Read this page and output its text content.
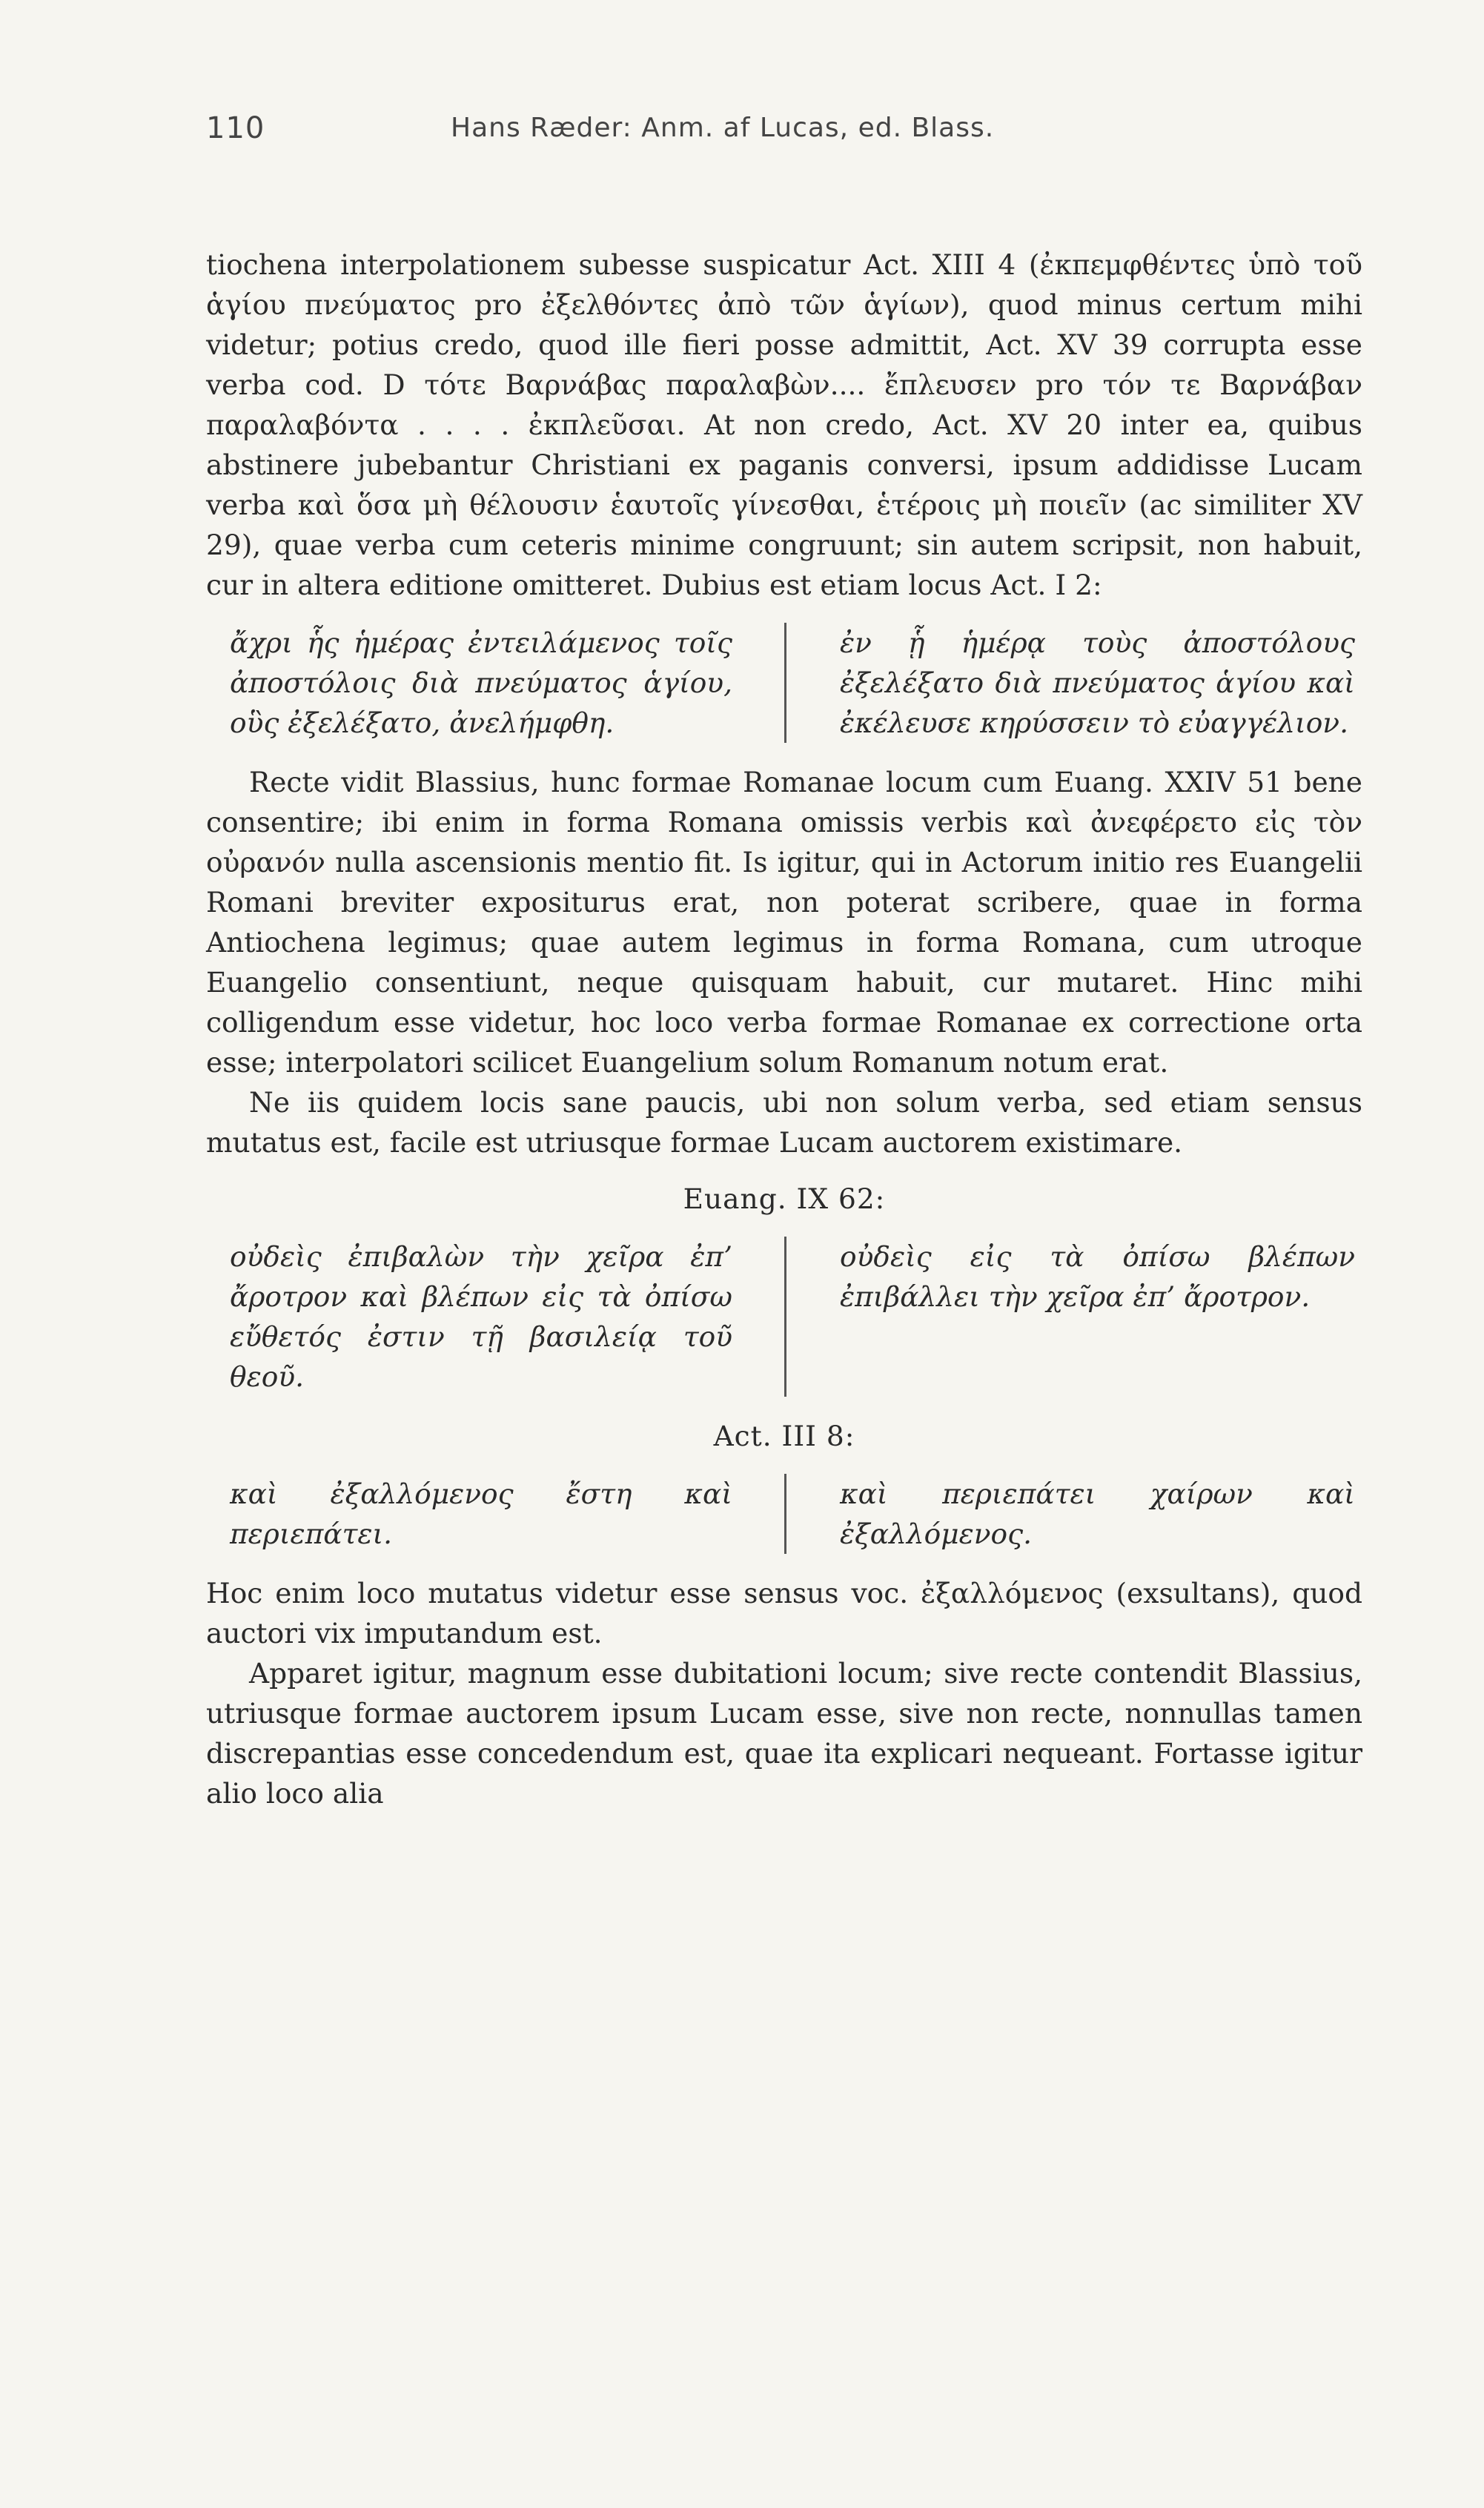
110	Hans Ræder: Anm. af Lucas, ed. Blass.

tiochena interpolationem subesse suspicatur Act. XIII 4 (ἐκπεμφθέντες ὑπὸ τοῦ ἁγίου πνεύματος pro ἐξελθόντες ἀπὸ τῶν ἁγίων), quod minus certum mihi videtur; potius credo, quod ille fieri posse admittit, Act. XV 39 corrupta esse verba cod. D τότε Βαρνάβας παραλαβὼν.... ἔπλευσεν pro τόν τε Βαρνάβαν παραλαβόντα . . . . ἐκπλεῦσαι. At non credo, Act. XV 20 inter ea, quibus abstinere jubebantur Christiani ex paganis conversi, ipsum addidisse Lucam verba καὶ ὅσα μὴ θέλουσιν ἑαυτοῖς γίνεσθαι, ἑτέροις μὴ ποιεῖν (ac similiter XV 29), quae verba cum ceteris minime congruunt; sin autem scripsit, non habuit, cur in altera editione omitteret. Dubius est etiam locus Act. I 2:

ἄχρι ἧς ἡμέρας ἐντειλάμενος τοῖς ἀποστόλοις διὰ πνεύματος ἁγίου, οὓς ἐξελέξατο, ἀνελήμφθη.
ἐν ᾗ ἡμέρᾳ τοὺς ἀποστόλους ἐξελέξατο διὰ πνεύματος ἁγίου καὶ ἐκέλευσε κηρύσσειν τὸ εὐαγγέλιον.

Recte vidit Blassius, hunc formae Romanae locum cum Euang. XXIV 51 bene consentire; ibi enim in forma Romana omissis verbis καὶ ἀνεφέρετο εἰς τὸν οὐρανόν nulla ascensionis mentio fit. Is igitur, qui in Actorum initio res Euangelii Romani breviter expositurus erat, non poterat scribere, quae in forma Antiochena legimus; quae autem legimus in forma Romana, cum utroque Euangelio consentiunt, neque quisquam habuit, cur mutaret. Hinc mihi colligendum esse videtur, hoc loco verba formae Romanae ex correctione orta esse; interpolatori scilicet Euangelium solum Romanum notum erat.

Ne iis quidem locis sane paucis, ubi non solum verba, sed etiam sensus mutatus est, facile est utriusque formae Lucam auctorem existimare.

Euang. IX 62:
οὐδεὶς ἐπιβαλὼν τὴν χεῖρα ἐπ’ ἄροτρον καὶ βλέπων εἰς τὰ ὀπίσω εὔθετός ἐστιν τῇ βασιλείᾳ τοῦ θεοῦ.
οὐδεὶς εἰς τὰ ὀπίσω βλέπων ἐπιβάλλει τὴν χεῖρα ἐπ’ ἄροτρον.
Act. III 8:
καὶ ἐξαλλόμενος ἔστη καὶ περιεπάτει.
καὶ περιεπάτει χαίρων καὶ ἐξαλλόμενος.

Hoc enim loco mutatus videtur esse sensus voc. ἐξαλλόμενος (exsultans), quod auctori vix imputandum est.

Apparet igitur, magnum esse dubitationi locum; sive recte contendit Blassius, utriusque formae auctorem ipsum Lucam esse, sive non recte, nonnullas tamen discrepantias esse concedendum est, quae ita explicari nequeant. Fortasse igitur alio loco alia
